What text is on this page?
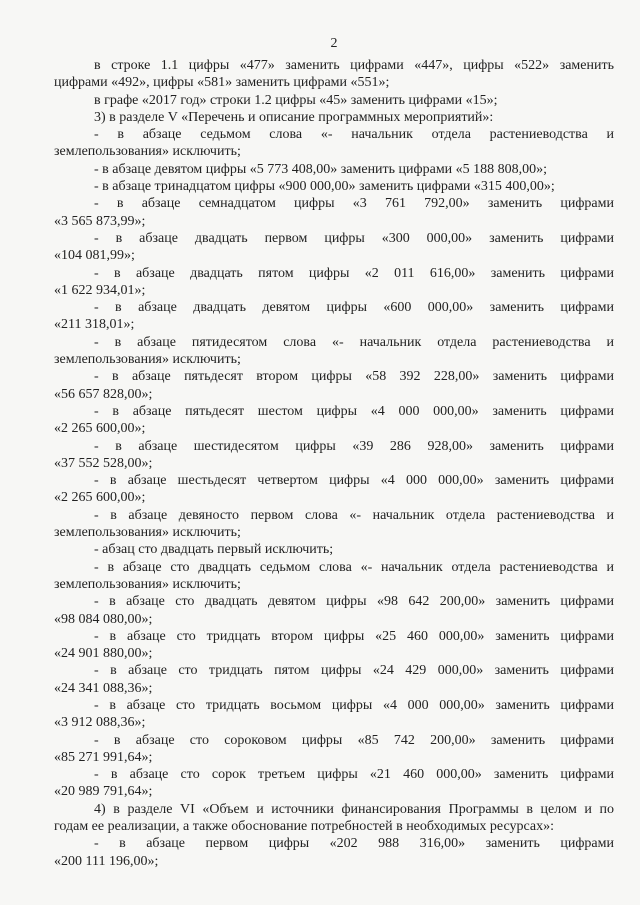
2
в строке 1.1 цифры «477» заменить цифрами «447», цифры «522» заменить
цифрами «492», цифры «581» заменить цифрами «551»;
в графе «2017 год» строки 1.2 цифры «45» заменить цифрами «15»;
3) в разделе V «Перечень и описание программных мероприятий»:
- в абзаце седьмом слова «- начальник отдела растениеводства и
землепользования» исключить;
- в абзаце девятом цифры «5 773 408,00» заменить цифрами «5 188 808,00»;
- в абзаце тринадцатом цифры «900 000,00» заменить цифрами «315 400,00»;
- в абзаце семнадцатом цифры «3 761 792,00» заменить цифрами
«3 565 873,99»;
- в абзаце двадцать первом цифры «300 000,00» заменить цифрами
«104 081,99»;
- в абзаце двадцать пятом цифры «2 011 616,00» заменить цифрами
«1 622 934,01»;
- в абзаце двадцать девятом цифры «600 000,00» заменить цифрами
«211 318,01»;
- в абзаце пятидесятом слова «- начальник отдела растениеводства и
землепользования» исключить;
- в абзаце пятьдесят втором цифры «58 392 228,00» заменить цифрами
«56 657 828,00»;
- в абзаце пятьдесят шестом цифры «4 000 000,00» заменить цифрами
«2 265 600,00»;
- в абзаце шестидесятом цифры «39 286 928,00» заменить цифрами
«37 552 528,00»;
- в абзаце шестьдесят четвертом цифры «4 000 000,00» заменить цифрами
«2 265 600,00»;
- в абзаце девяносто первом слова «- начальник отдела растениеводства и
землепользования» исключить;
- абзац сто двадцать первый исключить;
- в абзаце сто двадцать седьмом слова «- начальник отдела растениеводства и
землепользования» исключить;
- в абзаце сто двадцать девятом цифры «98 642 200,00» заменить цифрами
«98 084 080,00»;
- в абзаце сто тридцать втором цифры «25 460 000,00» заменить цифрами
«24 901 880,00»;
- в абзаце сто тридцать пятом цифры «24 429 000,00» заменить цифрами
«24 341 088,36»;
- в абзаце сто тридцать восьмом цифры «4 000 000,00» заменить цифрами
«3 912 088,36»;
- в абзаце сто сороковом цифры «85 742 200,00» заменить цифрами
«85 271 991,64»;
- в абзаце сто сорок третьем цифры «21 460 000,00» заменить цифрами
«20 989 791,64»;
4) в разделе VI «Объем и источники финансирования Программы в целом и по
годам ее реализации, а также обоснование потребностей в необходимых ресурсах»:
- в абзаце первом цифры «202 988 316,00» заменить цифрами
«200 111 196,00»;
